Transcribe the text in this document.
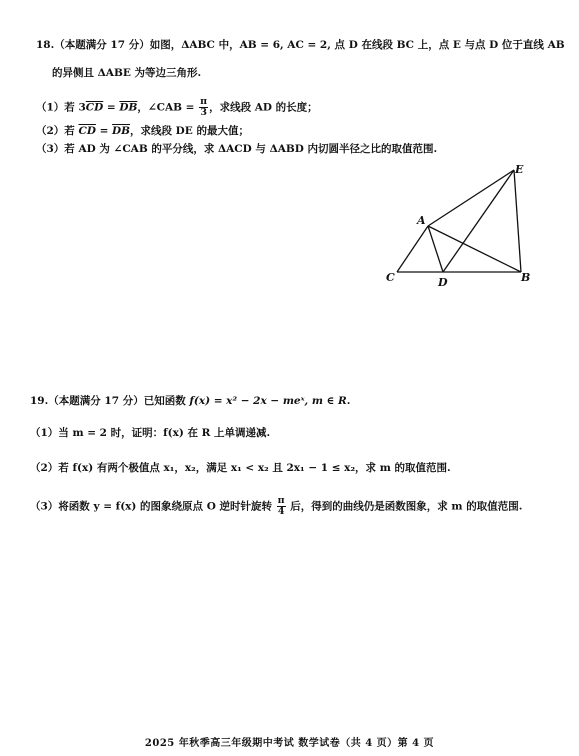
18.（本题满分 17 分）如图，ΔABC 中，AB = 6, AC = 2, 点 D 在线段 BC 上，点 E 与点 D 位于直线 AB
的异侧且 ΔABE 为等边三角形.
（1）若 $3\overline{CD} = \overline{DB}$，∠CAB = $\frac{\pi}{3}$ ，求线段 AD 的长度；
（2）若 $\overline{CD} = \overline{DB}$，求线段 DE 的最大值；
（3）若 AD 为 ∠CAB 的平分线，求 ΔACD 与 ΔABD 内切圆半径之比的取值范围.
E
A
C	D	B
19.（本题满分 17 分）已知函数 f(x) = x² − 2x − meˣ, m ∈ R.
（1）当 m = 2 时，证明：f(x) 在 R 上单调递减.
（2）若 f(x) 有两个极值点 x₁，x₂，满足 x₁ < x₂ 且 2x₁ − 1 ≤ x₂，求 m 的取值范围.
（3）将函数 y = f(x) 的图象绕原点 O 逆时针旋转 $\frac{\pi}{4}$ 后，得到的曲线仍是函数图象，求 m 的取值范围.
2025 年秋季高三年级期中考试 数学试卷（共 4 页）第 4 页
